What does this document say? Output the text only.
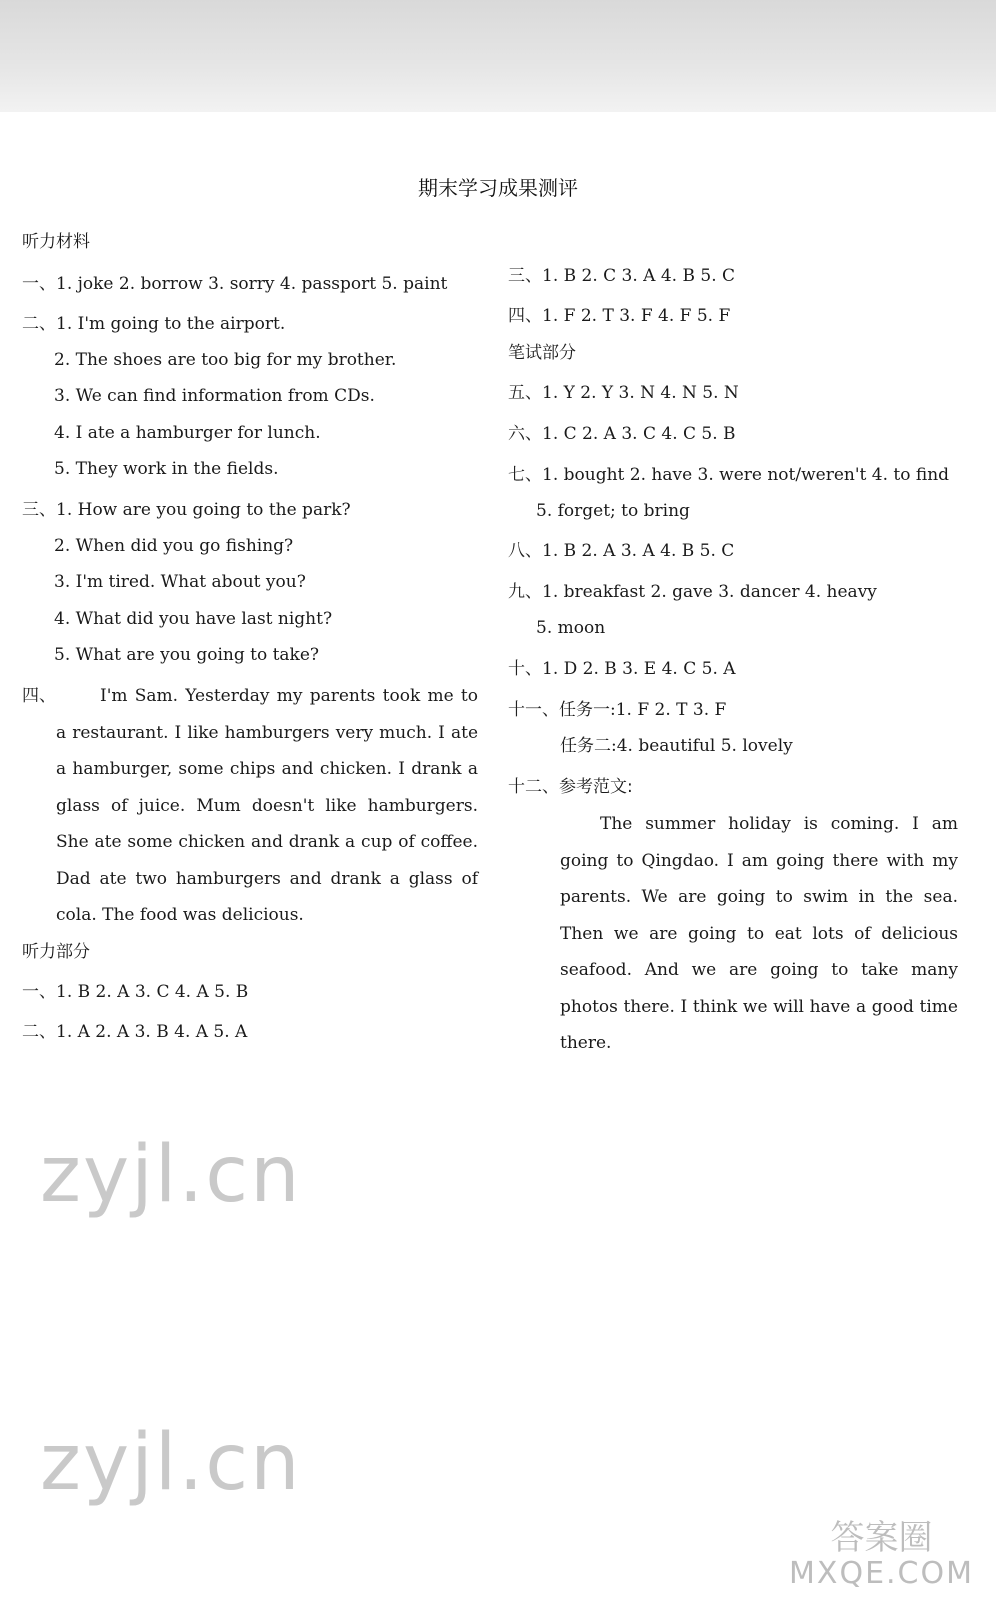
期末学习成果测评
听力材料
一、1. joke 2. borrow 3. sorry 4. passport 5. paint
二、1. I'm going to the airport.
2. The shoes are too big for my brother.
3. We can find information from CDs.
4. I ate a hamburger for lunch.
5. They work in the fields.
三、1. How are you going to the park?
2. When did you go fishing?
3. I'm tired. What about you?
4. What did you have last night?
5. What are you going to take?
四、	I'm Sam. Yesterday my parents took me to a restaurant. I like hamburgers very much. I ate a hamburger, some chips and chicken. I drank a glass of juice. Mum doesn't like hamburgers. She ate some chicken and drank a cup of coffee. Dad ate two hamburgers and drank a glass of cola. The food was delicious.

听力部分
一、1. B 2. A 3. C 4. A 5. B
二、1. A 2. A 3. B 4. A 5. A
三、1. B 2. C 3. A 4. B 5. C
四、1. F 2. T 3. F 4. F 5. F
笔试部分
五、1. Y 2. Y 3. N 4. N 5. N
六、1. C 2. A 3. C 4. C 5. B
七、1. bought 2. have 3. were not/weren't 4. to find
5. forget; to bring
八、1. B 2. A 3. A 4. B 5. C
九、1. breakfast 2. gave 3. dancer 4. heavy
5. moon
十、1. D 2. B 3. E 4. C 5. A
十一、任务一:1. F 2. T 3. F
任务二:4. beautiful 5. lovely
十二、参考范文:

The summer holiday is coming. I am going to Qingdao. I am going there with my parents. We are going to swim in the sea. Then we are going to eat lots of delicious seafood. And we are going to take many photos there. I think we will have a good time there.

zyjl.cn
zyjl.cn
答案圈
MXQE.COM
